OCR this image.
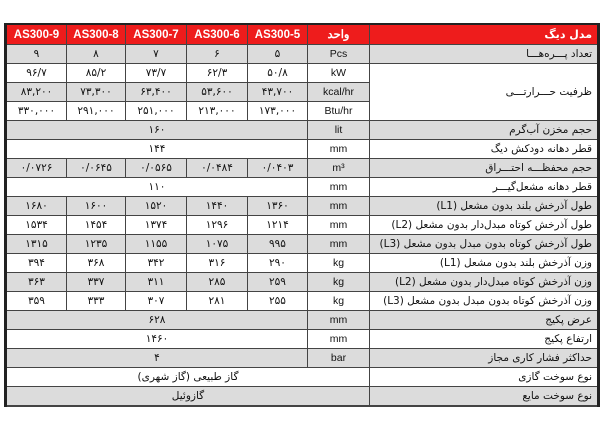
AS300-9	AS300-8	AS300-7	AS300-6	AS300-5	واحد	مدل دیگ
۹	۸	۷	۶	۵	Pcs	تعداد پـــره‌هـــا
۹۶/۷	۸۵/۲	۷۳/۷	۶۲/۳	۵۰/۸	kW	ظرفیت حـــرارتـــی
۸۳,۲۰۰	۷۳,۳۰۰	۶۳,۴۰۰	۵۳,۶۰۰	۴۳,۷۰۰	kcal/hr	
۳۳۰,۰۰۰	۲۹۱,۰۰۰	۲۵۱,۰۰۰	۲۱۳,۰۰۰	۱۷۳,۰۰۰	Btu/hr	
۱۶۰					lit	حجم مخزن آب‌گرم
۱۴۴					mm	قطر دهانه دودکش دیگ
۰/۰۷۲۶	۰/۰۶۴۵	۰/۰۵۶۵	۰/۰۴۸۴	۰/۰۴۰۳	m³	حجم محفظـــه احتـــراق
۱۱۰					mm	قطر دهانه مشعل‌گیـــر
۱۶۸۰	۱۶۰۰	۱۵۲۰	۱۴۴۰	۱۳۶۰	mm	طول آذرخش بلند بدون مشعل (L1)
۱۵۳۴	۱۴۵۴	۱۳۷۴	۱۲۹۶	۱۲۱۴	mm	طول آذرخش کوتاه مبدل‌دار بدون مشعل (L2)
۱۳۱۵	۱۲۳۵	۱۱۵۵	۱۰۷۵	۹۹۵	mm	طول آذرخش کوتاه بدون مبدل بدون مشعل (L3)
۳۹۴	۳۶۸	۳۴۲	۳۱۶	۲۹۰	kg	وزن آذرخش بلند بدون مشعل (L1)
۳۶۳	۳۳۷	۳۱۱	۲۸۵	۲۵۹	kg	وزن آذرخش کوتاه مبدل‌دار بدون مشعل (L2)
۳۵۹	۳۳۳	۳۰۷	۲۸۱	۲۵۵	kg	وزن آذرخش کوتاه بدون مبدل بدون مشعل (L3)
۶۲۸					mm	عرض پکیج
۱۴۶۰					mm	ارتفاع پکیج
۴					bar	حداکثر فشار کاری مجاز
گاز طبیعی (گاز شهری)						نوع سوخت گازی
گازوئیل						نوع سوخت مایع
